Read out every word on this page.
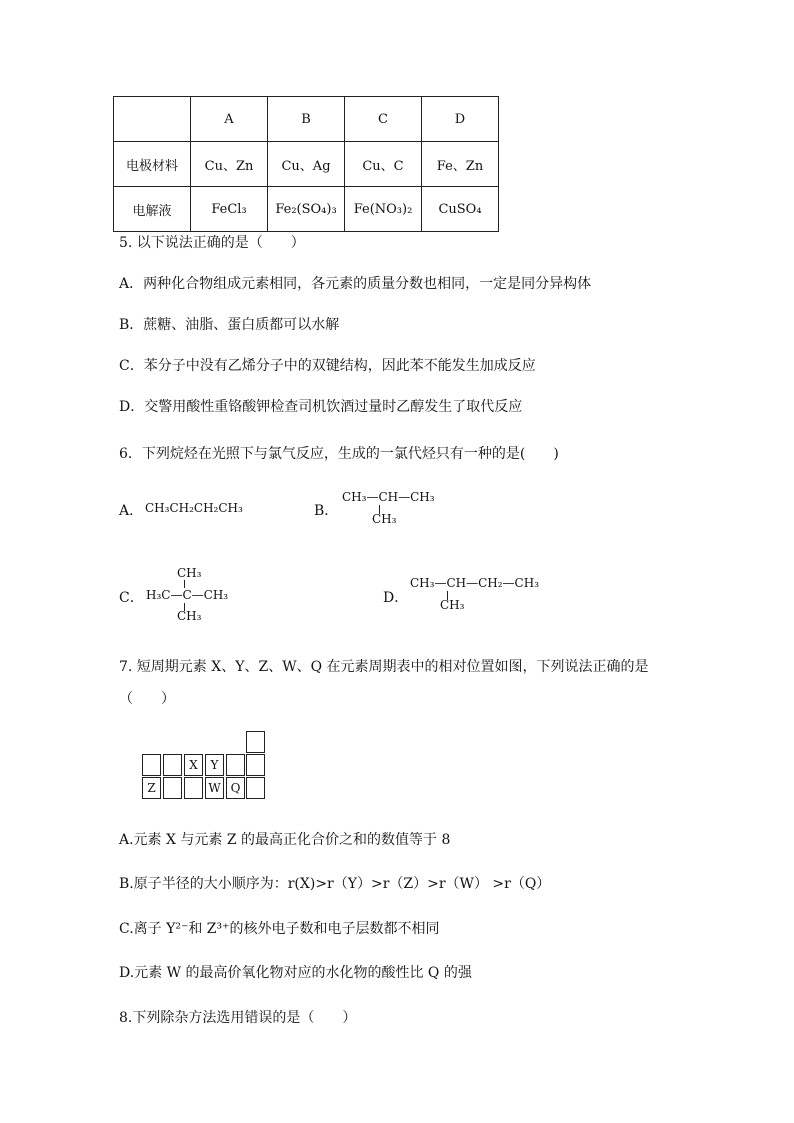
	A	B	C	D
电极材料	Cu、Zn	Cu、Ag	Cu、C	Fe、Zn
电解液	FeCl₃	Fe₂(SO₄)₃	Fe(NO₃)₂	CuSO₄
5. 以下说法正确的是（　　）
A．两种化合物组成元素相同，各元素的质量分数也相同，一定是同分异构体
B．蔗糖、油脂、蛋白质都可以水解
C．苯分子中没有乙烯分子中的双键结构，因此苯不能发生加成反应
D．交警用酸性重铬酸钾检查司机饮酒过量时乙醇发生了取代反应
6．下列烷烃在光照下与氯气反应，生成的一氯代烃只有一种的是(　　)
A． CH₃CH₂CH₂CH₃	B．
CH₃—CH—CH₃
CH₃
C．
CH₃
H₃C—C—CH₃
CH₃
D．
CH₃—CH—CH₂—CH₃
CH₃
7. 短周期元素 X、Y、Z、W、Q 在元素周期表中的相对位置如图，下列说法正确的是
（　　）
X	Y
Z	W Q
A.元素 X 与元素 Z 的最高正化合价之和的数值等于 8
B.原子半径的大小顺序为：r(X)>r（Y）>r（Z）>r（W） >r（Q）
C.离子 Y²⁻和 Z³⁺的核外电子数和电子层数都不相同
D.元素 W 的最高价氧化物对应的水化物的酸性比 Q 的强
8.下列除杂方法选用错误的是（　　）
